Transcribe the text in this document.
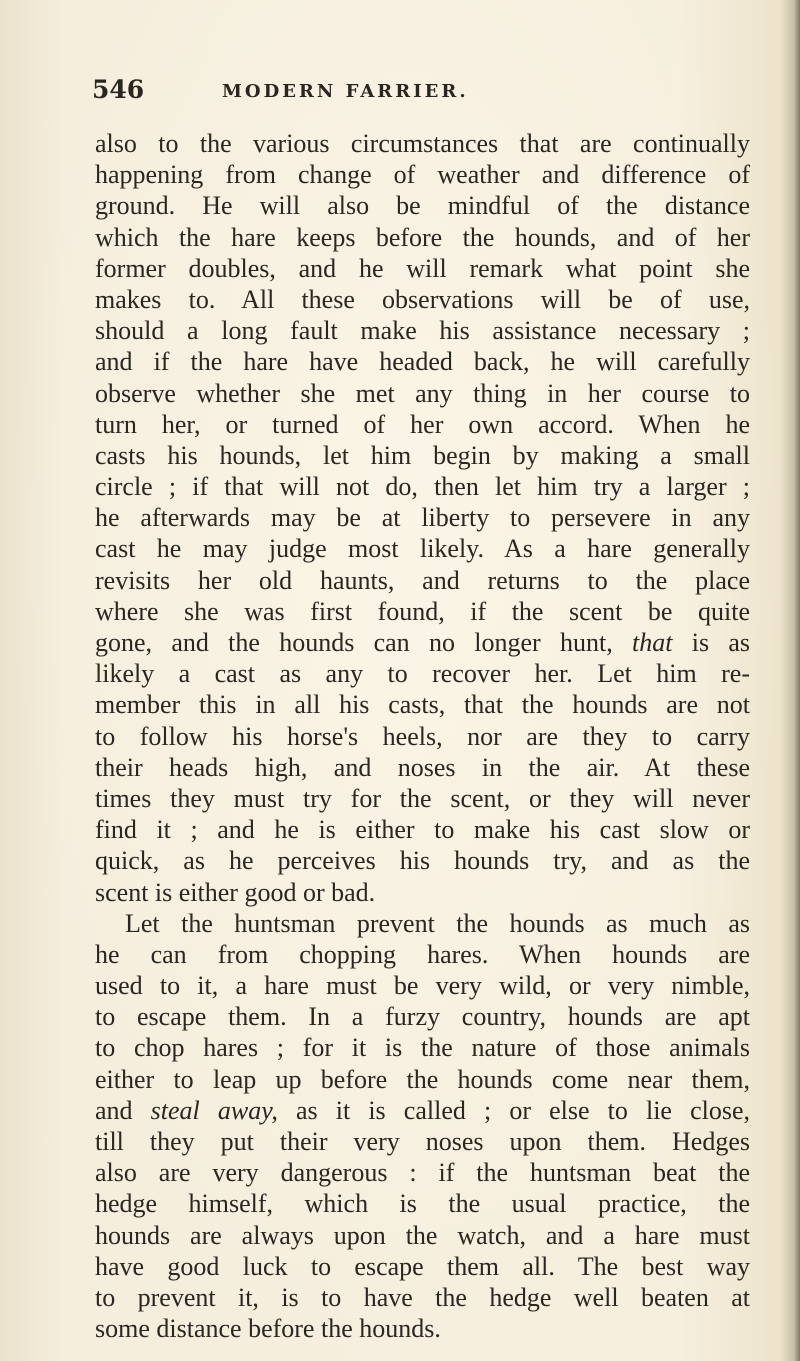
546	MODERN FARRIER.
also to the various circumstances that are continually
happening from change of weather and difference of
ground. He will also be mindful of the distance
which the hare keeps before the hounds, and of her
former doubles, and he will remark what point she
makes to. All these observations will be of use,
should a long fault make his assistance necessary ;
and if the hare have headed back, he will carefully
observe whether she met any thing in her course to
turn her, or turned of her own accord. When he
casts his hounds, let him begin by making a small
circle ; if that will not do, then let him try a larger ;
he afterwards may be at liberty to persevere in any
cast he may judge most likely. As a hare generally
revisits her old haunts, and returns to the place
where she was first found, if the scent be quite
gone, and the hounds can no longer hunt, that is as
likely a cast as any to recover her. Let him re-
member this in all his casts, that the hounds are not
to follow his horse's heels, nor are they to carry
their heads high, and noses in the air. At these
times they must try for the scent, or they will never
find it ; and he is either to make his cast slow or
quick, as he perceives his hounds try, and as the
scent is either good or bad.
Let the huntsman prevent the hounds as much as
he can from chopping hares. When hounds are
used to it, a hare must be very wild, or very nimble,
to escape them. In a furzy country, hounds are apt
to chop hares ; for it is the nature of those animals
either to leap up before the hounds come near them,
and steal away, as it is called ; or else to lie close,
till they put their very noses upon them. Hedges
also are very dangerous : if the huntsman beat the
hedge himself, which is the usual practice, the
hounds are always upon the watch, and a hare must
have good luck to escape them all. The best way
to prevent it, is to have the hedge well beaten at
some distance before the hounds.
